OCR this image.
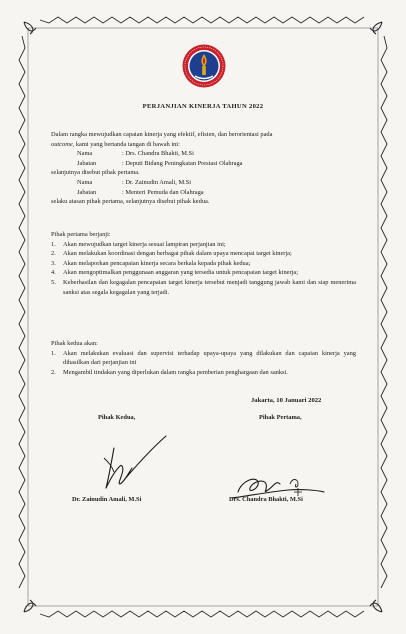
PERJANJIAN KINERJA TAHUN 2022

Dalam rangka mewujudkan capaian kinerja yang efektif, efisien, dan berorientasi pada
outcome, kami yang bertanda tangan di bawah ini:

Nama	: Drs. Chandra Bhakti, M.Si
Jabatan	: Deputi Bidang Peningkatan Prestasi Olahraga

selanjutnya disebut pihak pertama.

Nama	: Dr. Zainudin Amali, M.Si
Jabatan	: Menteri Pemuda dan Olahraga

selaku atasan pihak pertama, selanjutnya disebut pihak kedua.

Pihak pertama berjanji:

1.	Akan mewujudkan target kinerja sesuai lampiran perjanjian ini;
2.	Akan melakukan koordinasi dengan berbagai pihak dalam upaya mencapai target kinerja;
3.	Akan melaporkan pencapaian kinerja secara berkala kepada pihak kedua;
4.	Akan mengoptimalkan penggunaan anggaran yang tersedia untuk pencapaian target kinerja;
5.	Keberhasilan dan kegagalan pencapaian target kinerja tersebut menjadi tanggung jawab kami dan siap menerima sanksi atas segala kegagalan yang terjadi.

Pihak kedua akan:

1.	Akan melakukan evaluasi dan supervisi terhadap upaya-upaya yang dilakukan dan capaian kinerja yang dihasilkan dari perjanjian ini
2.	Mengambil tindakan yang diperlukan dalam rangka pemberian penghargaan dan sanksi.
Jakarta, 10 Januari 2022
Pihak Kedua,	Pihak Pertama,
Dr. Zainudin Amali, M.Si	Drs. Chandra Bhakti, M.Si
